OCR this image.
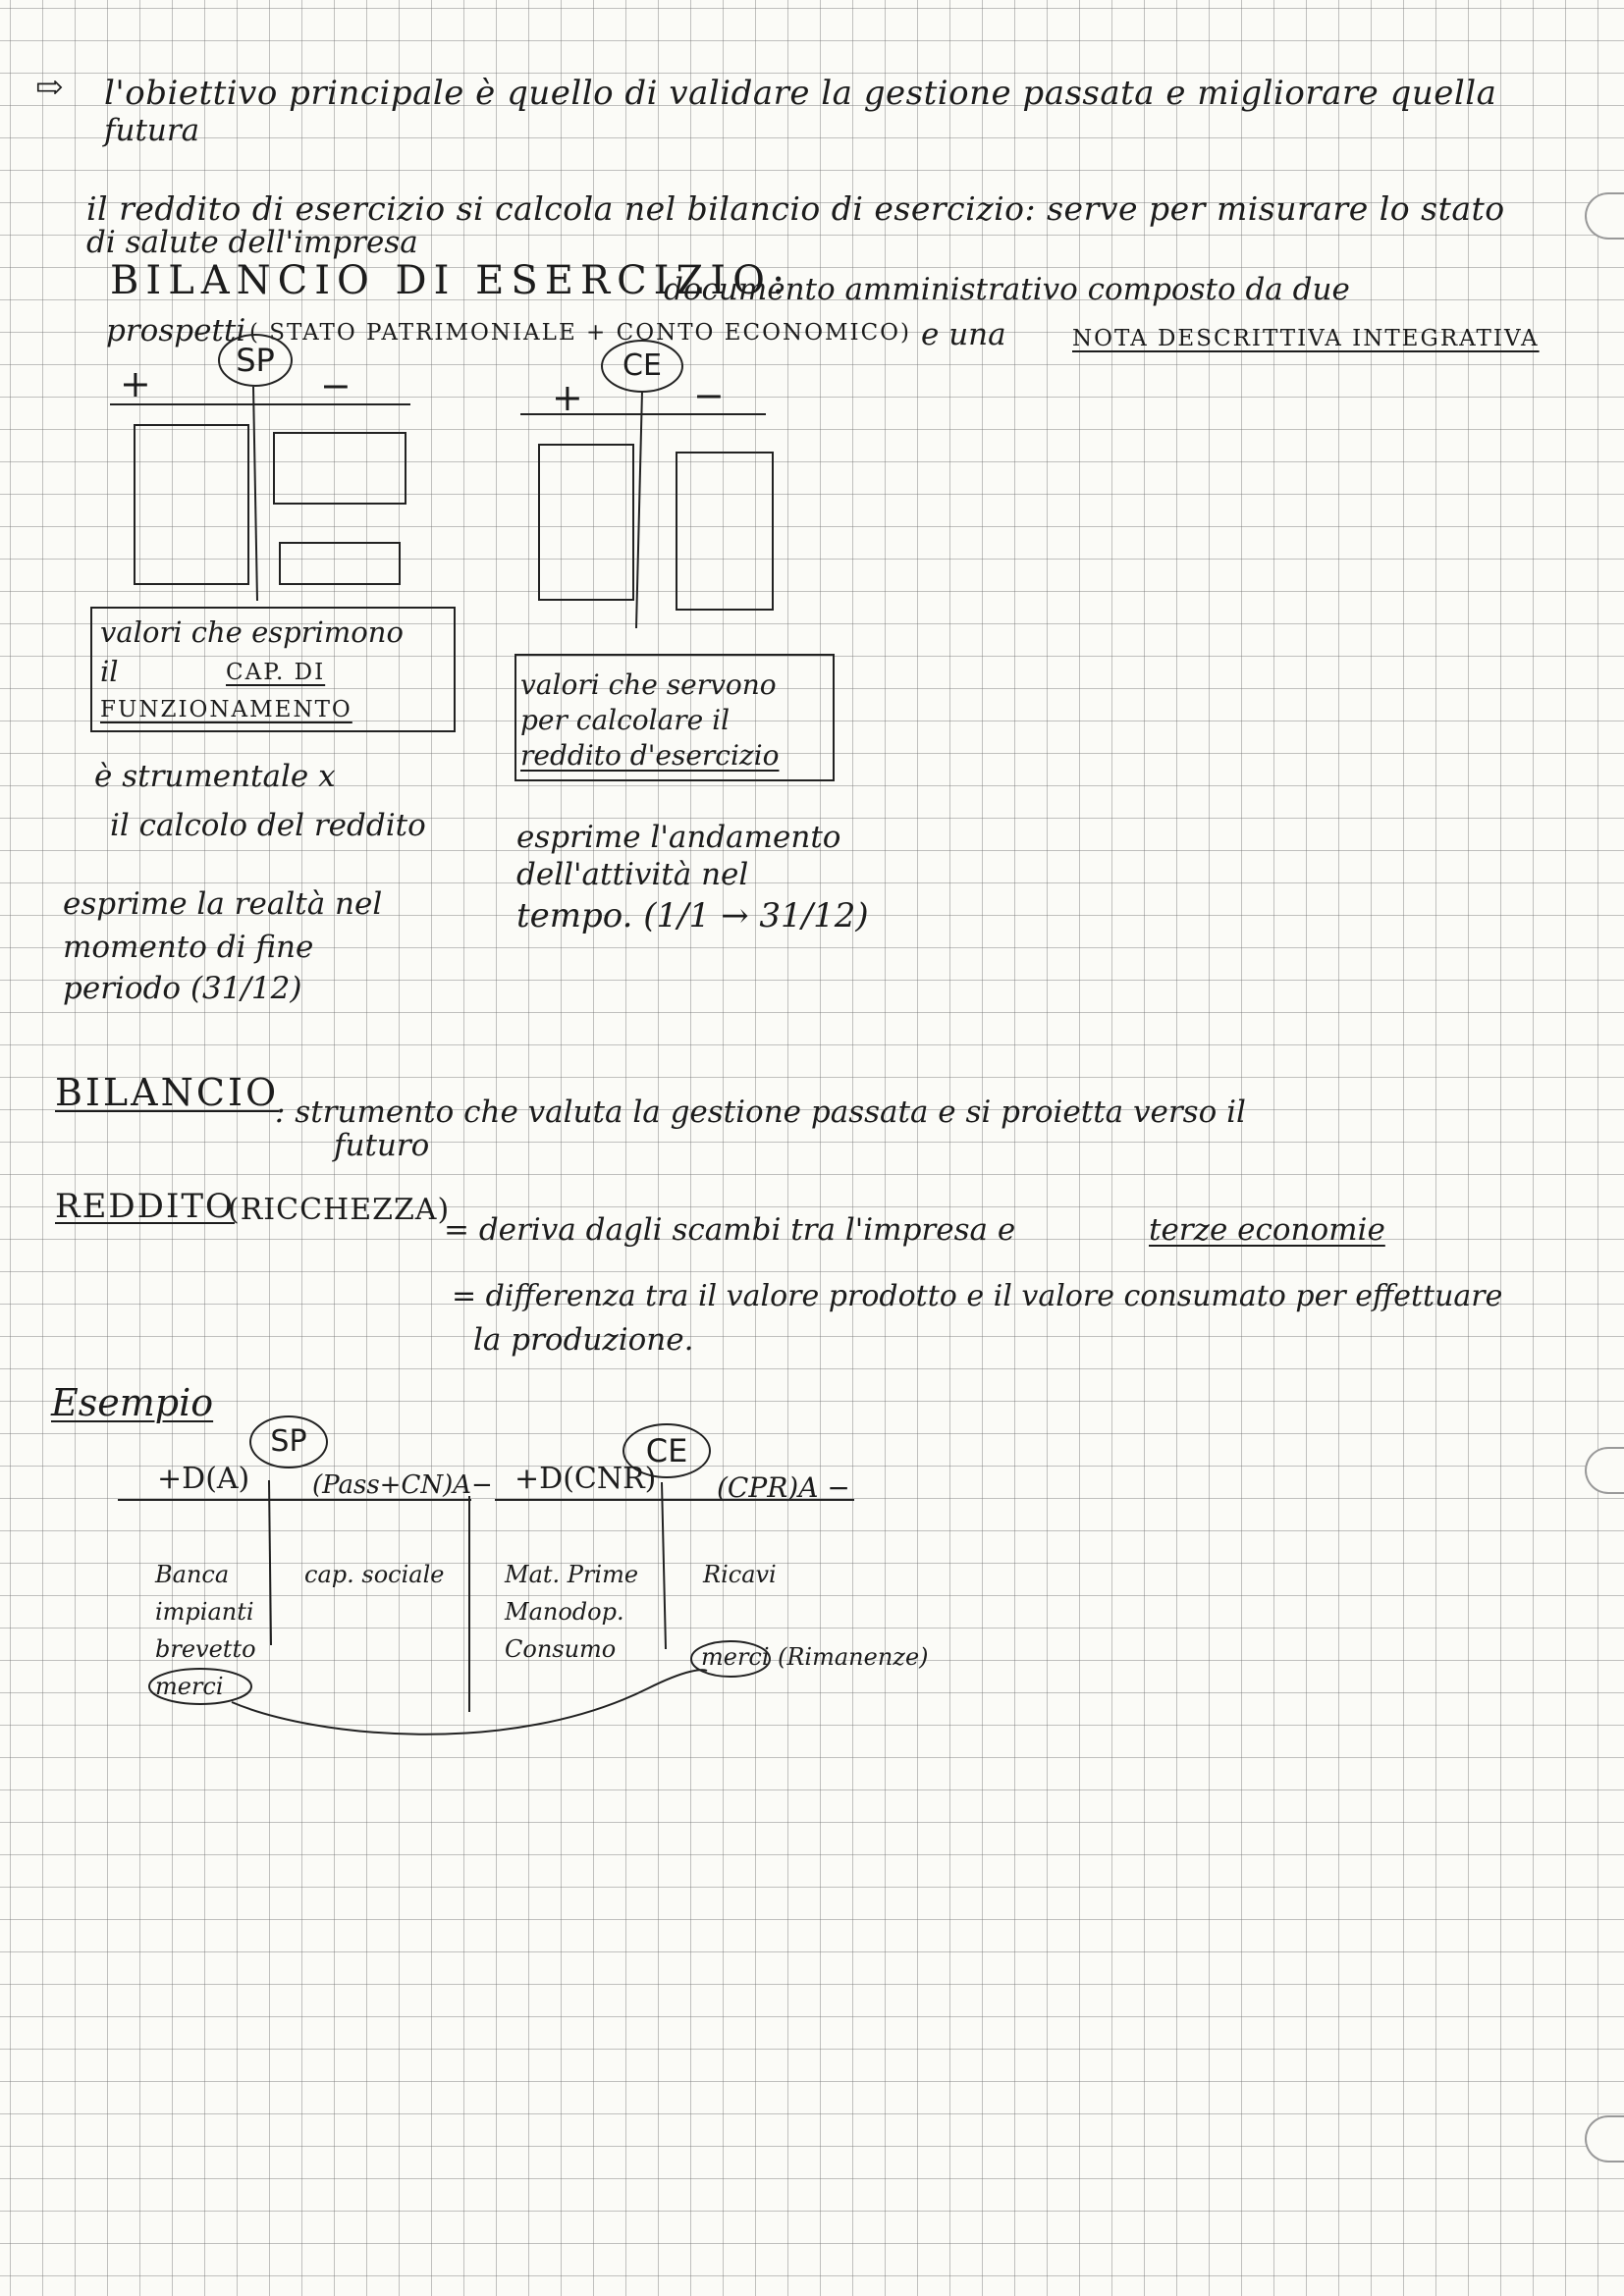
⇨ l'obiettivo principale è quello di validare la gestione passata e migliorare quella
futura
il reddito di esercizio si calcola nel bilancio di esercizio: serve per misurare lo stato
di salute dell'impresa
BILANCIO DI ESERCIZIO:
documento amministrativo composto da due
prospetti ( STATO PATRIMONIALE + CONTO ECONOMICO) e una	NOTA DESCRITTIVA INTEGRATIVA
SP
+	−
valori che esprimono
il	CAP. DI
FUNZIONAMENTO
è strumentale x
il calcolo del reddito
esprime la realtà nel
momento di fine
periodo (31/12)
CE
+	−
valori che servono
per calcolare il
reddito d'esercizio
esprime l'andamento
dell'attività nel
tempo. (1/1 → 31/12)
BILANCIO
: strumento che valuta la gestione passata e si proietta verso il
futuro
REDDITO
(RICCHEZZA)
= deriva dagli scambi tra l'impresa e	terze economie
= differenza tra il valore prodotto e il valore consumato per effettuare
la produzione.
Esempio
SP	CE
+D(A) (Pass+CN)A− +D(CNR) (CPR)A −
Banca
impianti
brevetto
merci
cap. sociale	Mat. Prime
Manodop.
Consumo
Ricavi
merci (Rimanenze)
